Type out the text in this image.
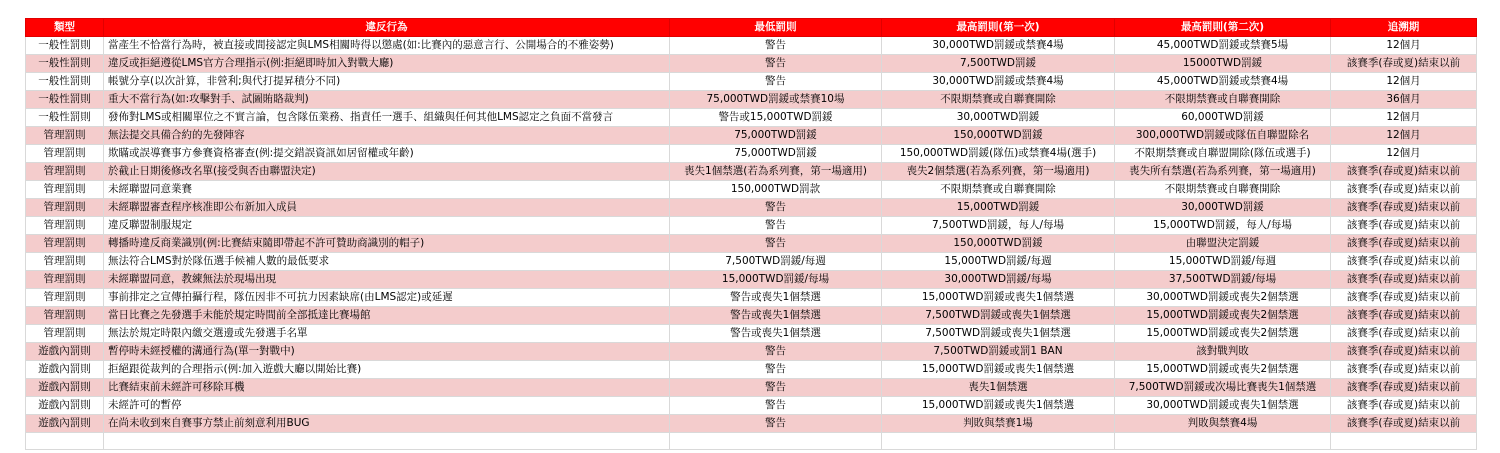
類型	違反行為	最低罰則	最高罰則(第一次)	最高罰則(第二次)	追溯期
一般性罰則	當產生不恰當行為時，被直接或間接認定與LMS相關時得以懲處(如:比賽內的惡意言行、公開場合的不雅姿勢)	警告	30,000TWD罰鍰或禁賽4場	45,000TWD罰鍰或禁賽5場	12個月
一般性罰則	違反或拒絕遵從LMS官方合理指示(例:拒絕即時加入對戰大廳)	警告	7,500TWD罰鍰	15000TWD罰鍰	該賽季(春或夏)結束以前
一般性罰則	帳號分享(以次計算，非營利;與代打提昇積分不同)	警告	30,000TWD罰鍰或禁賽4場	45,000TWD罰鍰或禁賽4場	12個月
一般性罰則	重大不當行為(如:攻擊對手、試圖賄賂裁判)	75,000TWD罰鍰或禁賽10場	不限期禁賽或自聯賽開除	不限期禁賽或自聯賽開除	36個月
一般性罰則	發佈對LMS或相關單位之不實言論，包含隊伍業務、指責任一選手、組織與任何其他LMS認定之負面不當發言	警告或15,000TWD罰鍰	30,000TWD罰鍰	60,000TWD罰鍰	12個月
管理罰則	無法提交具備合約的先發陣容	75,000TWD罰鍰	150,000TWD罰鍰	300,000TWD罰鍰或隊伍自聯盟除名	12個月
管理罰則	欺瞞或誤導賽事方參賽資格審查(例:提交錯誤資訊如居留權或年齡)	75,000TWD罰鍰	150,000TWD罰鍰(隊伍)或禁賽4場(選手)	不限期禁賽或自聯盟開除(隊伍或選手)	12個月
管理罰則	於截止日期後修改名單(接受與否由聯盟決定)	喪失1個禁選(若為系列賽，第一場適用)	喪失2個禁選(若為系列賽，第一場適用)	喪失所有禁選(若為系列賽，第一場適用)	該賽季(春或夏)結束以前
管理罰則	未經聯盟同意業賽	150,000TWD罰款	不限期禁賽或自聯賽開除	不限期禁賽或自聯賽開除	該賽季(春或夏)結束以前
管理罰則	未經聯盟審查程序核准即公布新加入成員	警告	15,000TWD罰鍰	30,000TWD罰鍰	該賽季(春或夏)結束以前
管理罰則	違反聯盟制服規定	警告	7,500TWD罰鍰，每人/每場	15,000TWD罰鍰，每人/每場	該賽季(春或夏)結束以前
管理罰則	轉播時違反商業識別(例:比賽結束隨即帶起不許可贊助商識別的帽子)	警告	150,000TWD罰鍰	由聯盟決定罰鍰	該賽季(春或夏)結束以前
管理罰則	無法符合LMS對於隊伍選手候補人數的最低要求	7,500TWD罰鍰/每週	15,000TWD罰鍰/每週	15,000TWD罰鍰/每週	該賽季(春或夏)結束以前
管理罰則	未經聯盟同意，教練無法於現場出現	15,000TWD罰鍰/每場	30,000TWD罰鍰/每場	37,500TWD罰鍰/每場	該賽季(春或夏)結束以前
管理罰則	事前排定之宣傳拍攝行程，隊伍因非不可抗力因素缺席(由LMS認定)或延遲	警告或喪失1個禁選	15,000TWD罰鍰或喪失1個禁選	30,000TWD罰鍰或喪失2個禁選	該賽季(春或夏)結束以前
管理罰則	當日比賽之先發選手未能於規定時間前全部抵達比賽場館	警告或喪失1個禁選	7,500TWD罰鍰或喪失1個禁選	15,000TWD罰鍰或喪失2個禁選	該賽季(春或夏)結束以前
管理罰則	無法於規定時限內繳交選邊或先發選手名單	警告或喪失1個禁選	7,500TWD罰鍰或喪失1個禁選	15,000TWD罰鍰或喪失2個禁選	該賽季(春或夏)結束以前
遊戲內罰則	暫停時未經授權的溝通行為(單一對戰中)	警告	7,500TWD罰鍰或罰1 BAN	該對戰判敗	該賽季(春或夏)結束以前
遊戲內罰則	拒絕跟從裁判的合理指示(例:加入遊戲大廳以開始比賽)	警告	15,000TWD罰鍰或喪失1個禁選	15,000TWD罰鍰或喪失2個禁選	該賽季(春或夏)結束以前
遊戲內罰則	比賽結束前未經許可移除耳機	警告	喪失1個禁選	7,500TWD罰鍰或次場比賽喪失1個禁選	該賽季(春或夏)結束以前
遊戲內罰則	未經許可的暫停	警告	15,000TWD罰鍰或喪失1個禁選	30,000TWD罰鍰或喪失1個禁選	該賽季(春或夏)結束以前
遊戲內罰則	在尚未收到來自賽事方禁止前刻意利用BUG	警告	判敗與禁賽1場	判敗與禁賽4場	該賽季(春或夏)結束以前
